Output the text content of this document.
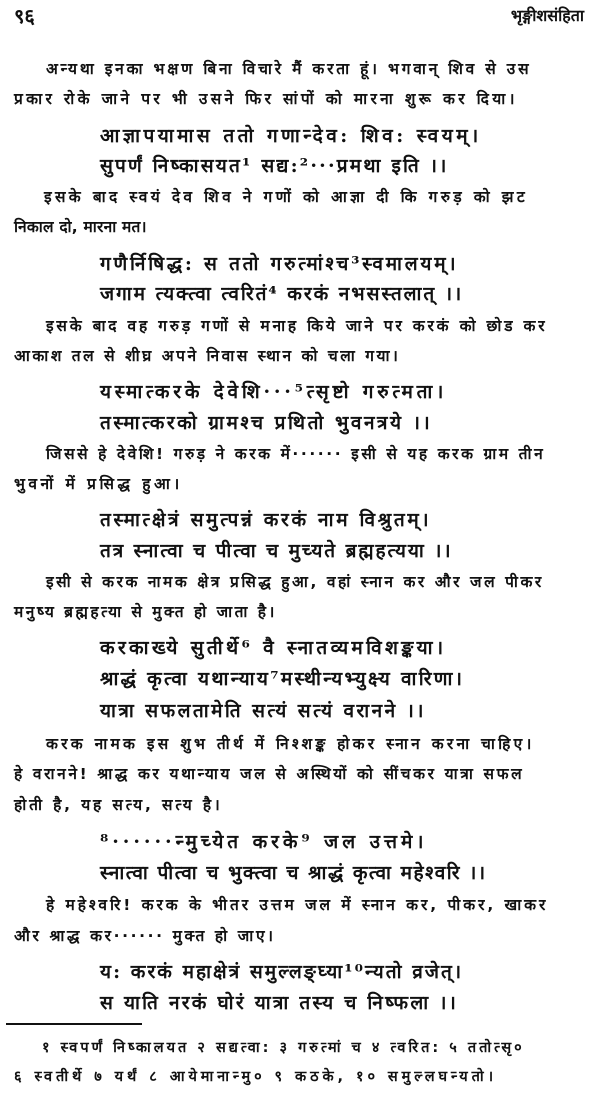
९६	भृङ्गीशसंहिता
अन्यथा इनका भक्षण बिना विचारे मैं करता हूं। भगवान् शिव से उस
प्रकार रोके जाने पर भी उसने फिर सांपों को मारना शुरू कर दिया।
आज्ञापयामास ततो गणान्देव: शिव: स्वयम्।
सुपर्णं निष्कासयत¹ सद्य:²···प्रमथा इति ।।
इसके बाद स्वयं देव शिव ने गणों को आज्ञा दी कि गरुड़ को झट
निकाल दो, मारना मत।
गणैर्निषिद्ध: स ततो गरुत्मांश्च³स्वमालयम्।
जगाम त्यक्त्वा त्वरितं⁴ करकं नभसस्तलात् ।।
इसके बाद वह गरुड़ गणों से मनाह किये जाने पर करकं को छोड कर
आकाश तल से शीघ्र अपने निवास स्थान को चला गया।
यस्मात्करके देवेशि···⁵त्सृष्टो गरुत्मता।
तस्मात्करको ग्रामश्च प्रथितो भुवनत्रये ।।
जिससे हे देवेशि! गरुड़ ने करक में······ इसी से यह करक ग्राम तीन
भुवनों में प्रसिद्ध हुआ।
तस्मात्क्षेत्रं समुत्पन्नं करकं नाम विश्रुतम्।
तत्र स्नात्वा च पीत्वा च मुच्यते ब्रह्महत्यया ।।
इसी से करक नामक क्षेत्र प्रसिद्ध हुआ, वहां स्नान कर और जल पीकर
मनुष्य ब्रह्महत्या से मुक्त हो जाता है।
करकाख्ये सुतीर्थे⁶ वै स्नातव्यमविशङ्कया।
श्राद्धं कृत्वा यथान्याय⁷मस्थीन्यभ्युक्ष्य वारिणा।
यात्रा सफलतामेति सत्यं सत्यं वरानने ।।
करक नामक इस शुभ तीर्थ में निश्शङ्क होकर स्नान करना चाहिए।
हे वरानने! श्राद्ध कर यथान्याय जल से अस्थियों को सींचकर यात्रा सफल
होती है, यह सत्य, सत्य है।
⁸······न्मुच्येत करके⁹ जल उत्तमे।
स्नात्वा पीत्वा च भुक्त्वा च श्राद्धं कृत्वा महेश्वरि ।।
हे महेश्वरि! करक के भीतर उत्तम जल में स्नान कर, पीकर, खाकर
और श्राद्ध कर······ मुक्त हो जाए।
य: करकं महाक्षेत्रं समुल्लङ्घ्या¹⁰न्यतो व्रजेत्।
स याति नरकं घोरं यात्रा तस्य च निष्फला ।।
१ स्वपर्णं निष्कालयत २ सद्यत्वा: ३ गरुत्मां च ४ त्वरित: ५ ततोत्सृ०
६ स्वतीर्थे ७ यर्थं ८ आयेमानान्मु० ९ कठके, १० समुल्लघन्यतो।
